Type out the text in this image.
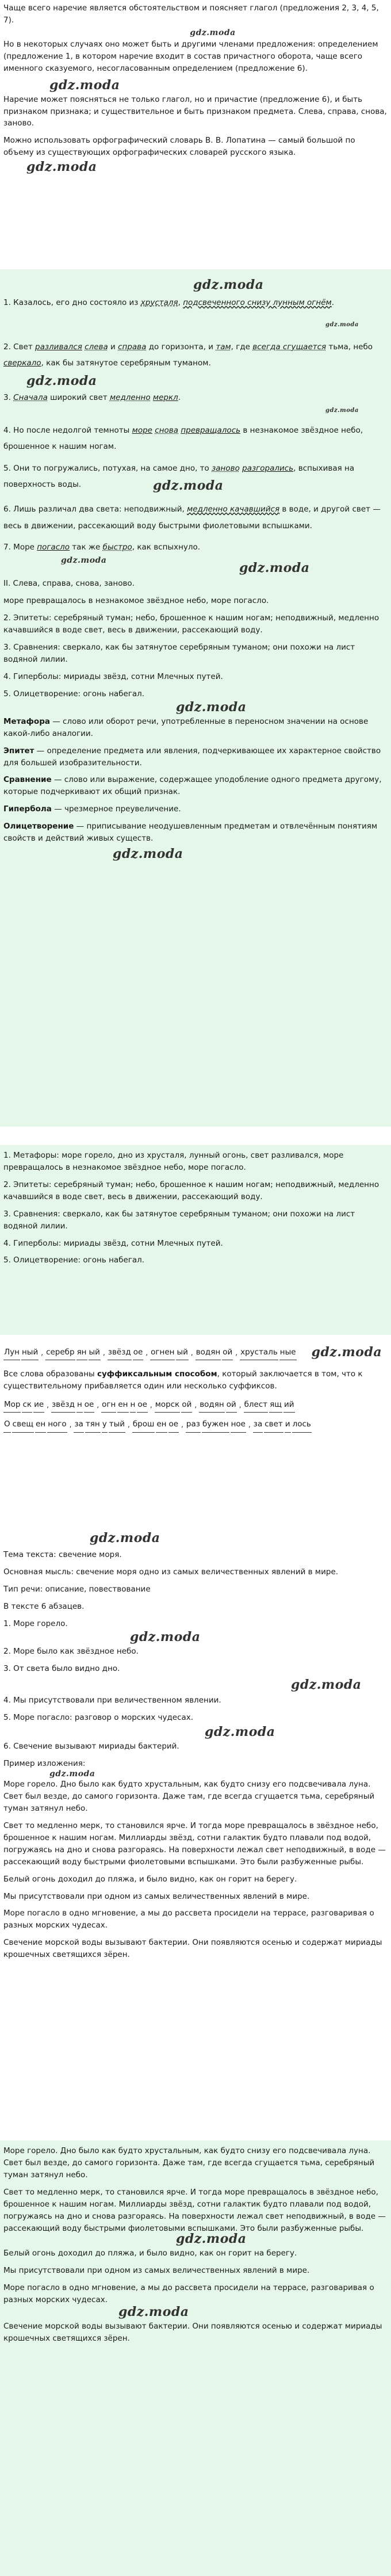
Чаще всего наречие является обстоятельством и поясняет глагол (предложения 2, 3, 4, 5, 7).

gdz.moda

Но в некоторых случаях оно может быть и другими членами предложения: определением (предложение 1, в котором наречие входит в состав причастного оборота, чаще всего именного сказуемого, несогласованным определением (предложение 6).

gdz.moda

Наречие может поясняться не только глагол, но и причастие (предложение 6), и быть признаком признака; и существительное и быть признаком предмета. Слева, справа, снова, заново.

Можно использовать орфографический словарь В. В. Лопатина — самый большой по объему из существующих орфографических словарей русского языка.

gdz.moda
gdz.moda

1. Казалось, его дно состояло из хрусталя, подсвеченного снизу лунным огнём.

gdz.moda

2. Свет разливался слева и справа до горизонта, и там, где всегда сгущается тьма, небо сверкало, как бы затянутое серебряным туманом.

gdz.moda

3. Сначала широкий свет медленно меркл.

gdz.moda

4. Но после недолгой темноты море снова превращалось в незнакомое звёздное небо, брошенное к нашим ногам.

5. Они то погружались, потухая, на самое дно, то заново разгорались, вспыхивая на поверхность воды.	gdz.moda

6. Лишь различал два света: неподвижный, медленно качавшийся в воде, и другой свет — весь в движении, рассекающий воду быстрыми фиолетовыми вспышками.

7. Море погасло так же быстро, как вспыхнуло.

gdz.moda	gdz.moda

II. Слева, справа, снова, заново.

море превращалось в незнакомое звёздное небо, море погасло.

2. Эпитеты: серебряный туман; небо, брошенное к нашим ногам; неподвижный, медленно качавшийся в воде свет, весь в движении, рассекающий воду.

3. Сравнения: сверкало, как бы затянутое серебряным туманом; они похожи на лист водяной лилии.

4. Гиперболы: мириады звёзд, сотни Млечных путей.

5. Олицетворение: огонь набегал.

gdz.moda

Метафора — слово или оборот речи, употребленные в переносном значении на основе какой-либо аналогии.

Эпитет — определение предмета или явления, подчеркивающее их характерное свойство для большей изобразительности.

Сравнение — слово или выражение, содержащее уподобление одного предмета другому, которые подчеркивают их общий признак.

Гипербола — чрезмерное преувеличение.

Олицетворение — приписывание неодушевленным предметам и отвлечённым понятиям свойств и действий живых существ.

gdz.moda

1. Метафоры: море горело, дно из хрусталя, лунный огонь, свет разливался, море превращалось в незнакомое звёздное небо, море погасло.

2. Эпитеты: серебряный туман; небо, брошенное к нашим ногам; неподвижный, медленно качавшийся в воде свет, весь в движении, рассекающий воду.

3. Сравнения: сверкало, как бы затянутое серебряным туманом; они похожи на лист водяной лилии.

4. Гиперболы: мириады звёзд, сотни Млечных путей.

5. Олицетворение: огонь набегал.

Лун ный , серебр ян ый , звёзд ое , огнен ый , водян ой , хрусталь ные gdz.moda

Все слова образованы суффиксальным способом, который заключается в том, что к существительному прибавляется один или несколько суффиксов.

Мор ск ие , звёзд н ое , огн ен н ое , морск ой , водян ой , блест ящ ий
О свещ ен ного , за тян у тый , брош ен ое , раз бужен ное , за свет и лось
gdz.moda

Тема текста: свечение моря.

Основная мысль: свечение моря одно из самых величественных явлений в мире.

Тип речи: описание, повествование

В тексте 6 абзацев.

1. Море горело.

gdz.moda

2. Море было как звёздное небо.

3. От света было видно дно.

gdz.moda

4. Мы присутствовали при величественном явлении.

5. Море погасло: разговор о морских чудесах.

gdz.moda

6. Свечение вызывают мириады бактерий.

Пример изложения:

gdz.moda

Море горело. Дно было как будто хрустальным, как будто снизу его подсвечивала луна. Свет был везде, до самого горизонта. Даже там, где всегда сгущается тьма, серебряный туман затянул небо.

Свет то медленно мерк, то становился ярче. И тогда море превращалось в звёздное небо, брошенное к нашим ногам. Миллиарды звёзд, сотни галактик будто плавали под водой, погружаясь на дно и снова разгораясь. На поверхности лежал свет неподвижный, в воде — рассекающий воду быстрыми фиолетовыми вспышками. Это были разбуженные рыбы.

Белый огонь доходил до пляжа, и было видно, как он горит на берегу.

Мы присутствовали при одном из самых величественных явлений в мире.

Море погасло в одно мгновение, а мы до рассвета просидели на террасе, разговаривая о разных морских чудесах.

Свечение морской воды вызывают бактерии. Они появляются осенью и содержат мириады крошечных светящихся зёрен.

Море горело. Дно было как будто хрустальным, как будто снизу его подсвечивала луна. Свет был везде, до самого горизонта. Даже там, где всегда сгущается тьма, серебряный туман затянул небо.

Свет то медленно мерк, то становился ярче. И тогда море превращалось в звёздное небо, брошенное к нашим ногам. Миллиарды звёзд, сотни галактик будто плавали под водой, погружаясь на дно и снова разгораясь. На поверхности лежал свет неподвижный, в воде — рассекающий воду быстрыми фиолетовыми вспышками. Это были разбуженные рыбы.

gdz.moda

Белый огонь доходил до пляжа, и было видно, как он горит на берегу.

Мы присутствовали при одном из самых величественных явлений в мире.

Море погасло в одно мгновение, а мы до рассвета просидели на террасе, разговаривая о разных морских чудесах.

gdz.moda

Свечение морской воды вызывают бактерии. Они появляются осенью и содержат мириады крошечных светящихся зёрен.
